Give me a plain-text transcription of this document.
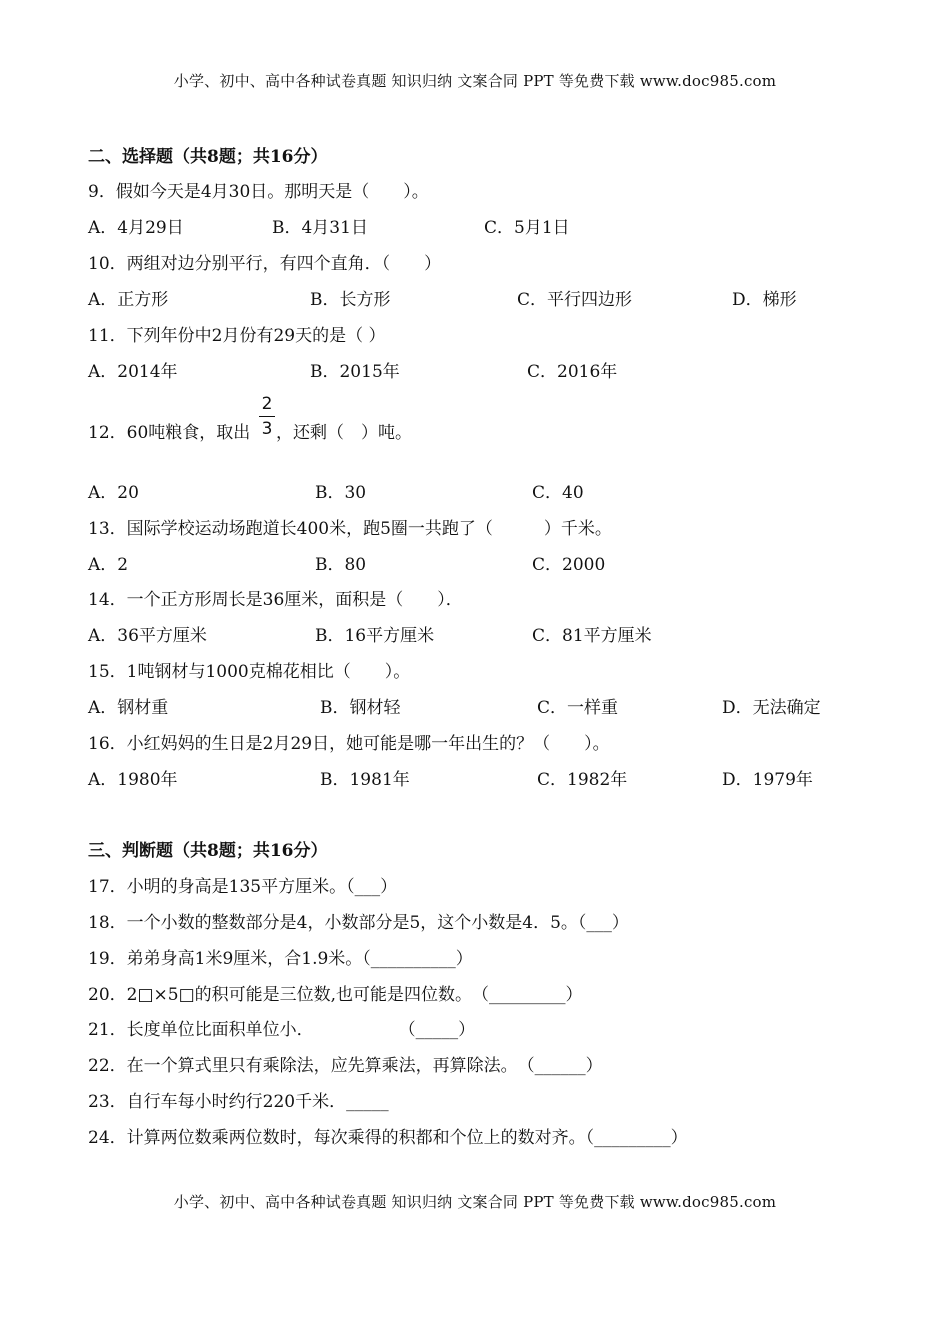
小学、初中、高中各种试卷真题 知识归纳 文案合同 PPT 等免费下载 www.doc985.com
二、选择题（共8题；共16分）
9．假如今天是4月30日。那明天是（　　）。
A．4月29日	B．4月31日	C．5月1日
10．两组对边分别平行，有四个直角．（　　）
A．正方形	B．长方形	C．平行四边形	D．梯形
11．下列年份中2月份有29天的是（ ）
A．2014年	B．2015年	C．2016年
12．60吨粮食，取出
2
3 ，还剩（　）吨。
A．20	B．30	C．40
13．国际学校运动场跑道长400米，跑5圈一共跑了（　　　）千米。
A．2	B．80	C．2000
14．一个正方形周长是36厘米，面积是（　　）．
A．36平方厘米	B．16平方厘米	C．81平方厘米
15．1吨钢材与1000克棉花相比（　　）。
A．钢材重	B．钢材轻	C．一样重	D．无法确定
16．小红妈妈的生日是2月29日，她可能是哪一年出生的？（　　）。
A．1980年	B．1981年	C．1982年	D．1979年
三、判断题（共8题；共16分）
17．小明的身高是135平方厘米。（___）
18．一个小数的整数部分是4，小数部分是5，这个小数是4．5。（___）
19．弟弟身高1米9厘米，合1.9米。（__________）
20．2□×5□的积可能是三位数,也可能是四位数。　（_________）
21．长度单位比面积单位小．　　　　　　（_____）
22．在一个算式里只有乘除法，应先算乘法，再算除法。　（______）
23．自行车每小时约行220千米．_____
24．计算两位数乘两位数时，每次乘得的积都和个位上的数对齐。（_________）
小学、初中、高中各种试卷真题 知识归纳 文案合同 PPT 等免费下载 www.doc985.com
